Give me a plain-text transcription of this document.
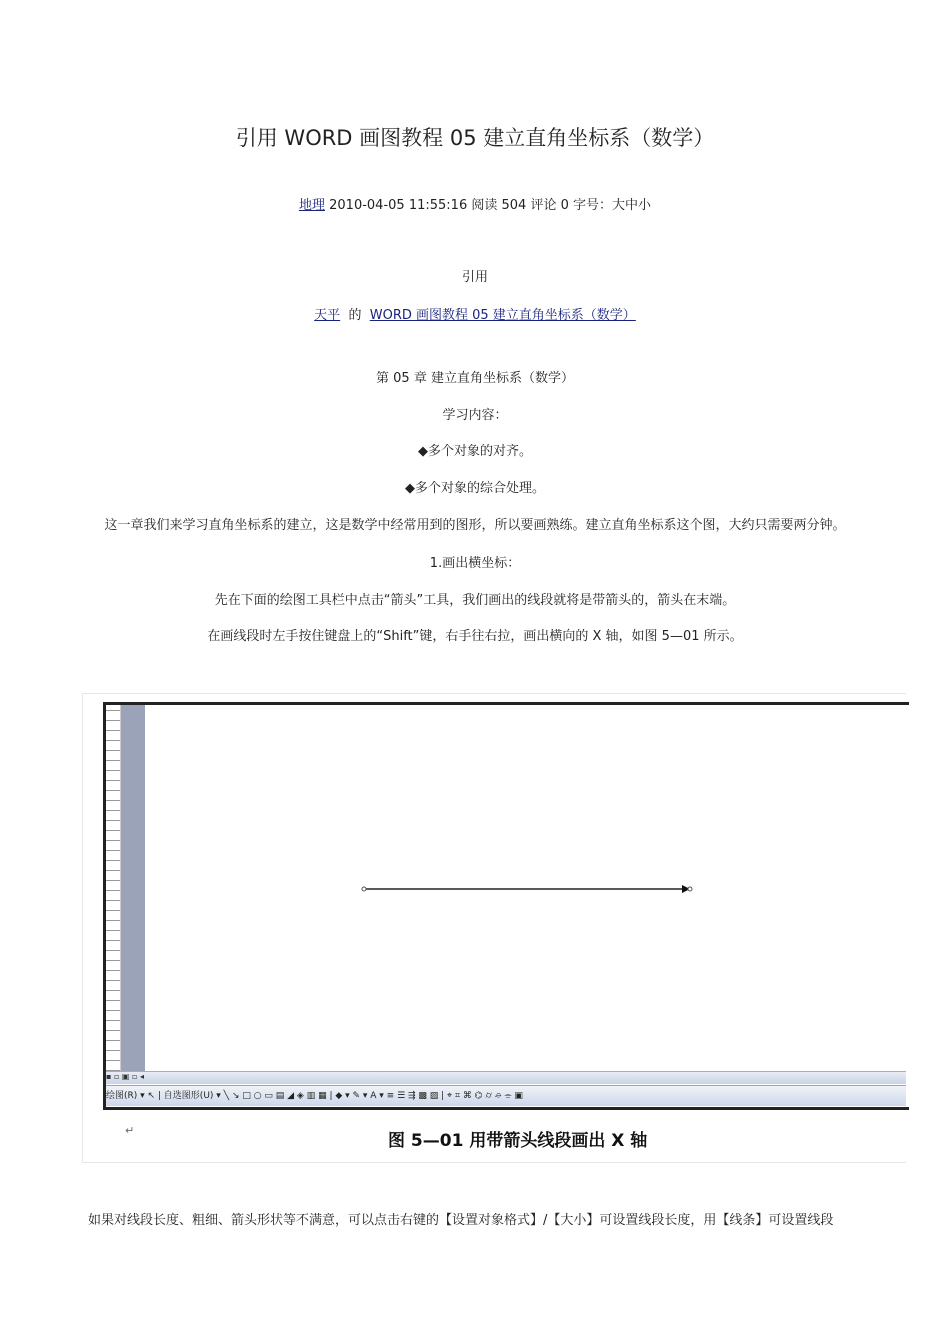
引用 WORD 画图教程 05 建立直角坐标系（数学）
地理 2010-04-05 11:55:16 阅读 504 评论 0 字号：大中小
引用
天平 的 WORD 画图教程 05 建立直角坐标系（数学）
第 05 章 建立直角坐标系（数学）
学习内容：
◆多个对象的对齐。
◆多个对象的综合处理。
这一章我们来学习直角坐标系的建立，这是数学中经常用到的图形，所以要画熟练。建立直角坐标系这个图，大约只需要两分钟。
1.画出横坐标：
先在下面的绘图工具栏中点击“箭头”工具，我们画出的线段就将是带箭头的，箭头在末端。
在画线段时左手按住键盘上的“Shift”键，右手往右拉，画出横向的 X 轴，如图 5—01 所示。
▪ ▫ ▣ ▫ ◂
绘图(R) ▾ ↖ | 自选图形(U) ▾ ╲ ↘ □ ○ ▭ ▤ ◢ ◈ ▥ ▦ | ◆ ▾ ✎ ▾ A ▾ ≡ ☰ ⇶ ▩ ▨ | ⌖ ⌗ ⌘ ⌬ ⌭ ⌮ ⌯ ▣
↵
图 5—01 用带箭头线段画出 X 轴
如果对线段长度、粗细、箭头形状等不满意，可以点击右键的【设置对象格式】/【大小】可设置线段长度，用【线条】可设置线段
